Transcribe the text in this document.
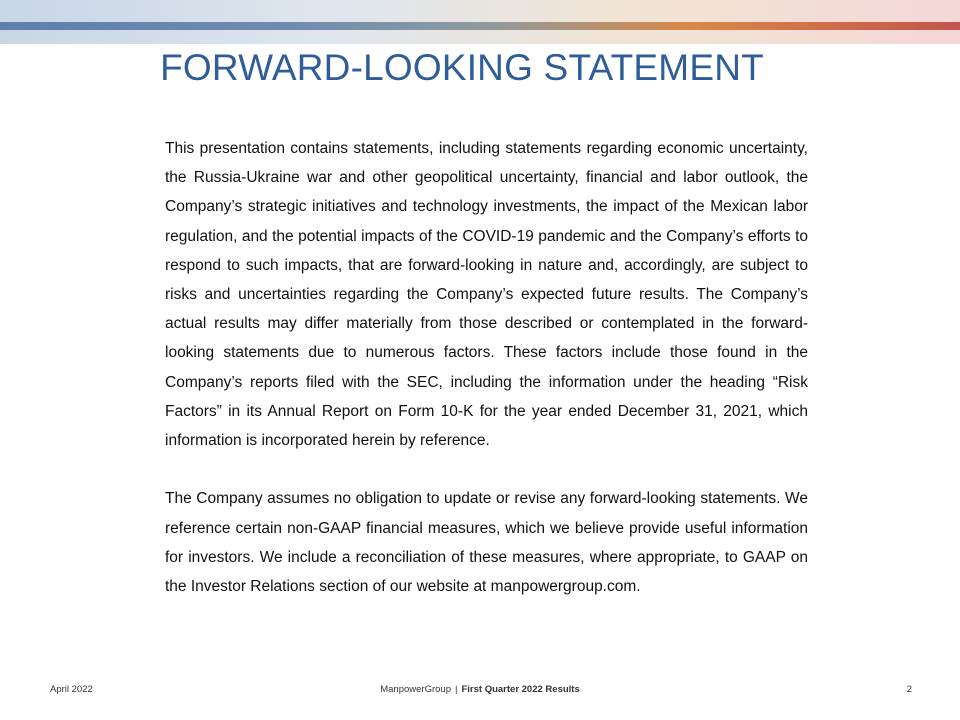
FORWARD-LOOKING STATEMENT

This presentation contains statements, including statements regarding economic uncertainty, the Russia-Ukraine war and other geopolitical uncertainty, financial and labor outlook, the Company’s strategic initiatives and technology investments, the impact of the Mexican labor regulation, and the potential impacts of the COVID-19 pandemic and the Company’s efforts to respond to such impacts, that are forward-looking in nature and, accordingly, are subject to risks and uncertainties regarding the Company’s expected future results. The Company’s actual results may differ materially from those described or contemplated in the forward-looking statements due to numerous factors. These factors include those found in the Company’s reports filed with the SEC, including the information under the heading “Risk Factors” in its Annual Report on Form 10-K for the year ended December 31, 2021, which information is incorporated herein by reference.

The Company assumes no obligation to update or revise any forward-looking statements. We reference certain non-GAAP financial measures, which we believe provide useful information for investors. We include a reconciliation of these measures, where appropriate, to GAAP on the Investor Relations section of our website at manpowergroup.com.

April 2022	ManpowerGroup | First Quarter 2022 Results	2
